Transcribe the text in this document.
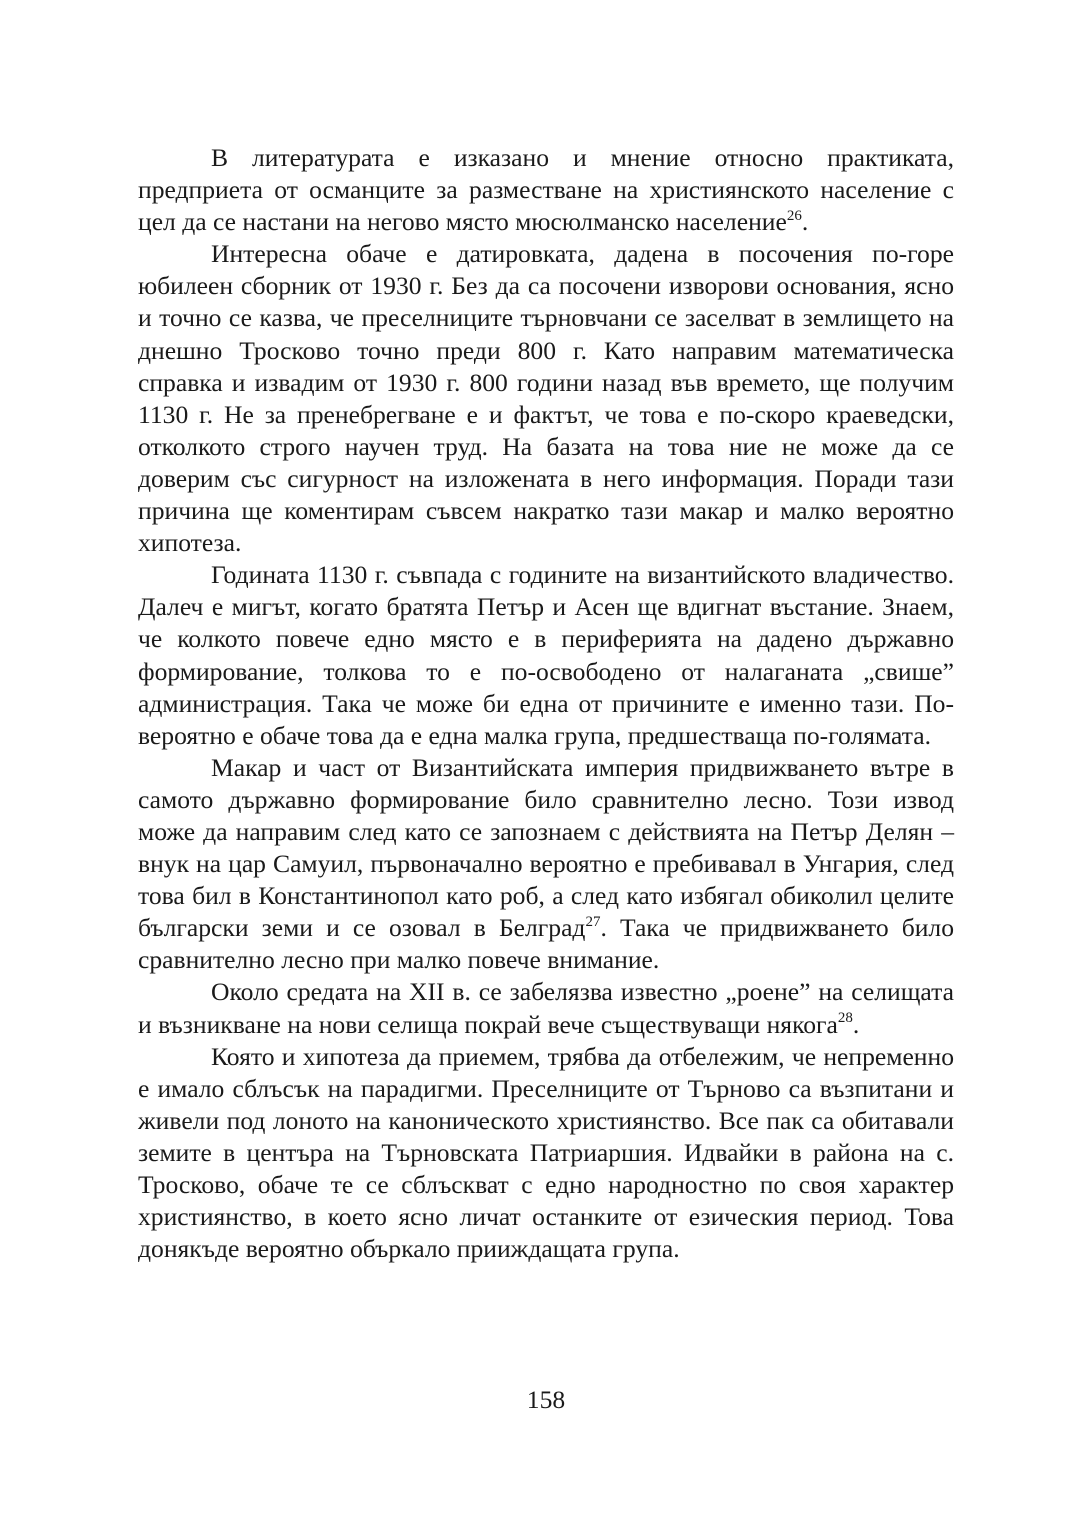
В литературата е изказано и мнение относно практиката, предприета от османците за разместване на християнското население с цел да се настани на негово място мюсюлманско население$^{26}$.

Интересна обаче е датировката, дадена в посочения по-горе юбилеен сборник от 1930 г. Без да са посочени изворови основания, ясно и точно се казва, че преселниците търновчани се заселват в землището на днешно Тросково точно преди 800 г. Като направим математическа справка и извадим от 1930 г. 800 години назад във времето, ще получим 1130 г. Не за пренебрегване е и фактът, че това е по-скоро краеведски, отколкото строго научен труд. На базата на това ние не може да се доверим със сигурност на изложената в него информация. Поради тази причина ще коментирам съвсем накратко тази макар и малко вероятно хипотеза.

Годината 1130 г. съвпада с годините на византийското владичество. Далеч е мигът, когато братята Петър и Асен ще вдигнат въстание. Знаем, че колкото повече едно място е в периферията на дадено държавно формирование, толкова то е по-освободено от налаганата „свише” администрация. Така че може би една от причините е именно тази. По-вероятно е обаче това да е една малка група, предшестваща по-голямата.

Макар и част от Византийската империя придвижването вътре в самото държавно формирование било сравнително лесно. Този извод може да направим след като се запознаем с действията на Петър Делян – внук на цар Самуил, първоначално вероятно е пребивавал в Унгария, след това бил в Константинопол като роб, а след като избягал обиколил целите български земи и се озовал в Белград$^{27}$. Така че придвижването било сравнително лесно при малко повече внимание.

Около средата на XII в. се забелязва известно „роене” на селищата и възникване на нови селища покрай вече съществуващи някога$^{28}$.

Която и хипотеза да приемем, трябва да отбележим, че непременно е имало сблъсък на парадигми. Преселниците от Търново са възпитани и живели под лоното на каноническото християнство. Все пак са обитавали земите в центъра на Търновската Патриаршия. Идвайки в района на с. Тросково, обаче те се сблъскват с едно народностно по своя характер християнство, в което ясно личат останките от езическия период. Това донякъде вероятно объркало прииждащата група.

158
